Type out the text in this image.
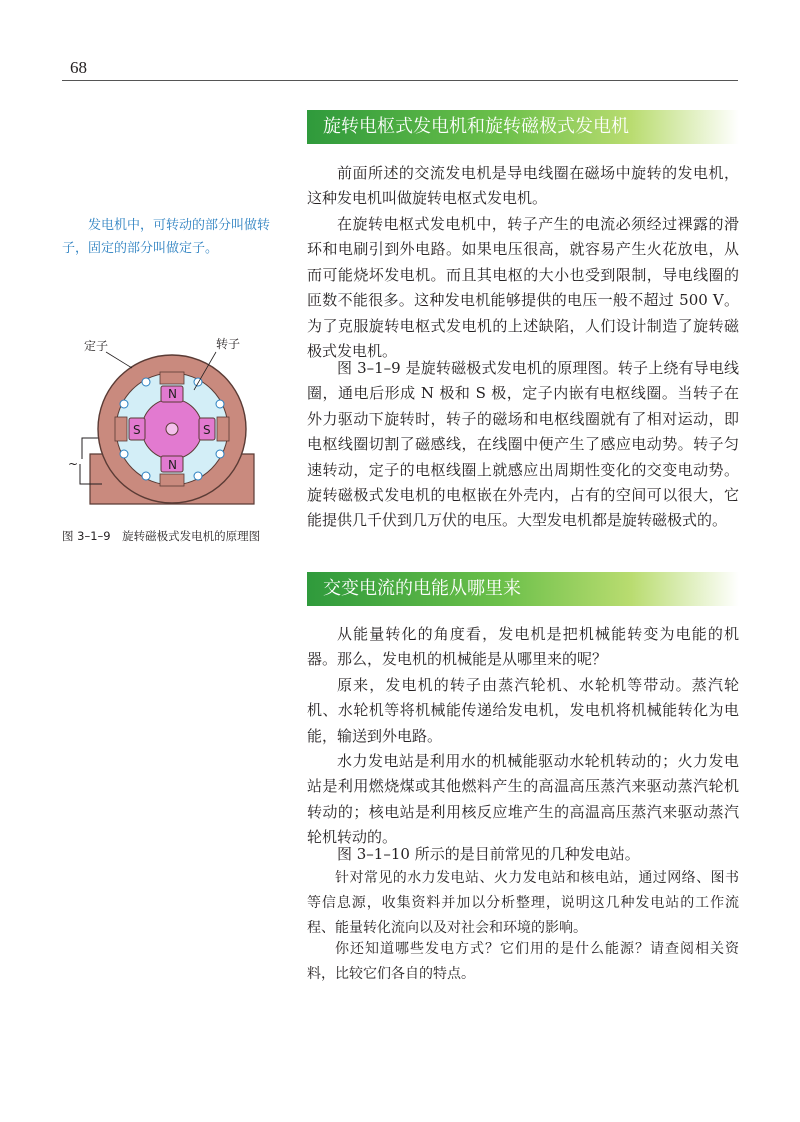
68
旋转电枢式发电机和旋转磁极式发电机

前面所述的交流发电机是导电线圈在磁场中旋转的发电机，这种发电机叫做旋转电枢式发电机。

在旋转电枢式发电机中，转子产生的电流必须经过裸露的滑环和电刷引到外电路。如果电压很高，就容易产生火花放电，从而可能烧坏发电机。而且其电枢的大小也受到限制，导电线圈的匝数不能很多。这种发电机能够提供的电压一般不超过 500 V。为了克服旋转电枢式发电机的上述缺陷，人们设计制造了旋转磁极式发电机。

图 3–1–9 是旋转磁极式发电机的原理图。转子上绕有导电线圈，通电后形成 N 极和 S 极，定子内嵌有电枢线圈。当转子在外力驱动下旋转时，转子的磁场和电枢线圈就有了相对运动，即电枢线圈切割了磁感线，在线圈中便产生了感应电动势。转子匀速转动，定子的电枢线圈上就感应出周期性变化的交变电动势。旋转磁极式发电机的电枢嵌在外壳内，占有的空间可以很大，它能提供几千伏到几万伏的电压。大型发电机都是旋转磁极式的。

发电机中，可转动的部分叫做转子，固定的部分叫做定子。
~
N
S
N
S
定子	转子
图 3–1–9　旋转磁极式发电机的原理图
交变电流的电能从哪里来

从能量转化的角度看，发电机是把机械能转变为电能的机器。那么，发电机的机械能是从哪里来的呢？

原来，发电机的转子由蒸汽轮机、水轮机等带动。蒸汽轮机、水轮机等将机械能传递给发电机，发电机将机械能转化为电能，输送到外电路。

水力发电站是利用水的机械能驱动水轮机转动的；火力发电站是利用燃烧煤或其他燃料产生的高温高压蒸汽来驱动蒸汽轮机转动的；核电站是利用核反应堆产生的高温高压蒸汽来驱动蒸汽轮机转动的。

图 3–1–10 所示的是目前常见的几种发电站。

针对常见的水力发电站、火力发电站和核电站，通过网络、图书等信息源，收集资料并加以分析整理，说明这几种发电站的工作流程、能量转化流向以及对社会和环境的影响。

你还知道哪些发电方式？它们用的是什么能源？请查阅相关资料，比较它们各自的特点。
